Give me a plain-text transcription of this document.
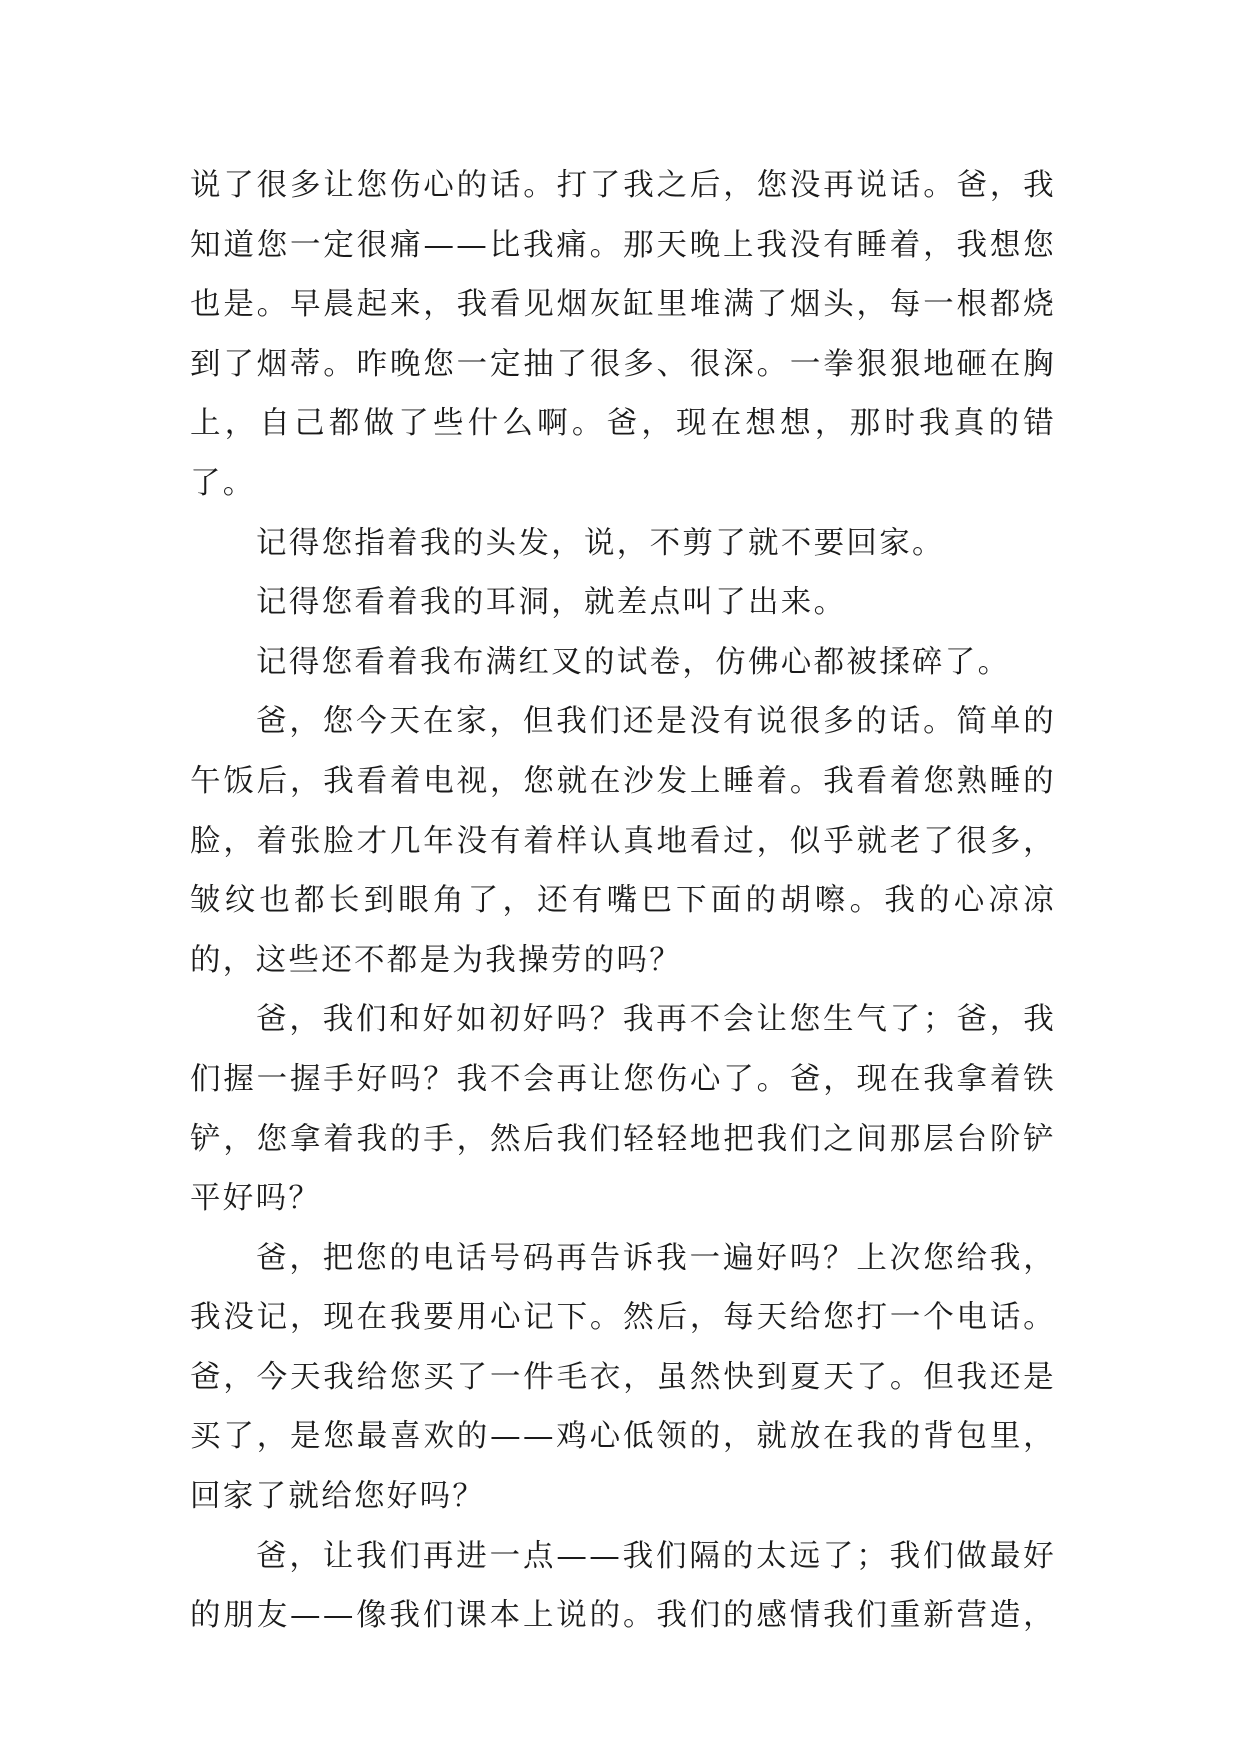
说了很多让您伤心的话。打了我之后，您没再说话。爸，我知道您一定很痛——比我痛。那天晚上我没有睡着，我想您也是。早晨起来，我看见烟灰缸里堆满了烟头，每一根都烧到了烟蒂。昨晚您一定抽了很多、很深。一拳狠狠地砸在胸上，自己都做了些什么啊。爸，现在想想，那时我真的错了。

记得您指着我的头发，说，不剪了就不要回家。

记得您看着我的耳洞，就差点叫了出来。

记得您看着我布满红叉的试卷，仿佛心都被揉碎了。

爸，您今天在家，但我们还是没有说很多的话。简单的午饭后，我看着电视，您就在沙发上睡着。我看着您熟睡的脸，着张脸才几年没有着样认真地看过，似乎就老了很多，皱纹也都长到眼角了，还有嘴巴下面的胡嚓。我的心凉凉的，这些还不都是为我操劳的吗？

爸，我们和好如初好吗？我再不会让您生气了；爸，我们握一握手好吗？我不会再让您伤心了。爸，现在我拿着铁铲，您拿着我的手，然后我们轻轻地把我们之间那层台阶铲平好吗？

爸，把您的电话号码再告诉我一遍好吗？上次您给我，我没记，现在我要用心记下。然后，每天给您打一个电话。爸，今天我给您买了一件毛衣，虽然快到夏天了。但我还是买了，是您最喜欢的——鸡心低领的，就放在我的背包里，回家了就给您好吗？

爸，让我们再进一点——我们隔的太远了；我们做最好的朋友——像我们课本上说的。我们的感情我们重新营造，
